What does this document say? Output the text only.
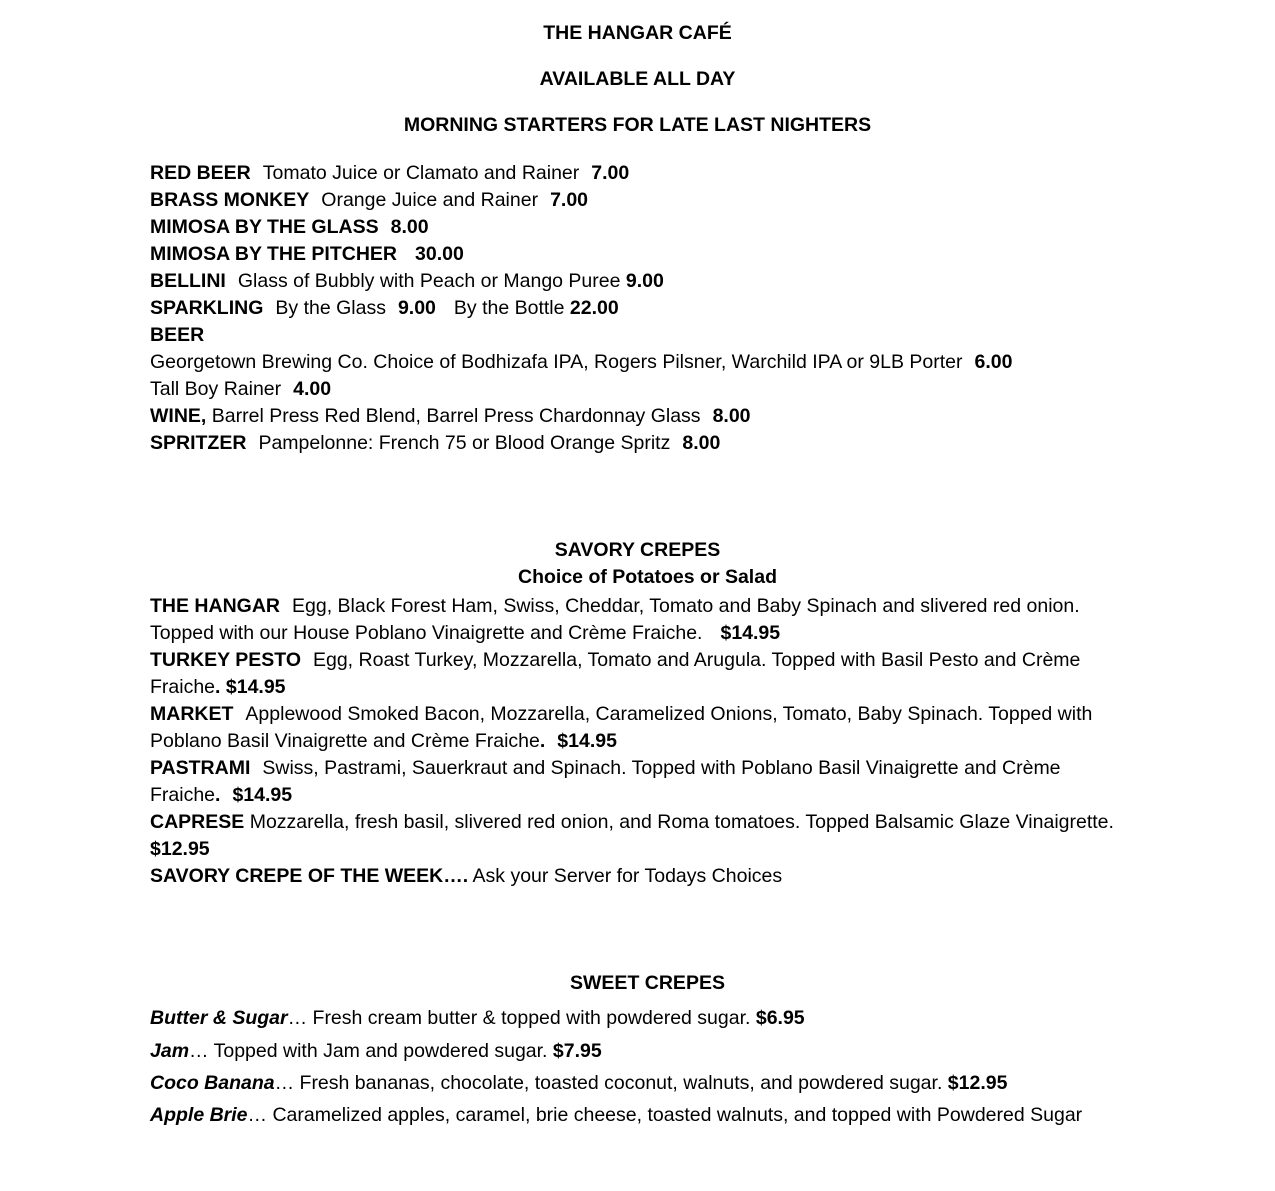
THE HANGAR CAFÉ
AVAILABLE ALL DAY
MORNING STARTERS FOR LATE LAST NIGHTERS
RED BEER Tomato Juice or Clamato and Rainer 7.00
BRASS MONKEY Orange Juice and Rainer 7.00
MIMOSA BY THE GLASS 8.00
MIMOSA BY THE PITCHER 30.00
BELLINI Glass of Bubbly with Peach or Mango Puree 9.00
SPARKLING By the Glass 9.00 By the Bottle 22.00
BEER
Georgetown Brewing Co. Choice of Bodhizafa IPA, Rogers Pilsner, Warchild IPA or 9LB Porter 6.00
Tall Boy Rainer 4.00
WINE, Barrel Press Red Blend, Barrel Press Chardonnay Glass 8.00
SPRITZER Pampelonne: French 75 or Blood Orange Spritz 8.00
SAVORY CREPES
Choice of Potatoes or Salad
THE HANGAR Egg, Black Forest Ham, Swiss, Cheddar, Tomato and Baby Spinach and slivered red onion. Topped with our House Poblano Vinaigrette and Crème Fraiche. $14.95
TURKEY PESTO Egg, Roast Turkey, Mozzarella, Tomato and Arugula. Topped with Basil Pesto and Crème Fraiche. $14.95
MARKET Applewood Smoked Bacon, Mozzarella, Caramelized Onions, Tomato, Baby Spinach. Topped with Poblano Basil Vinaigrette and Crème Fraiche. $14.95
PASTRAMI Swiss, Pastrami, Sauerkraut and Spinach. Topped with Poblano Basil Vinaigrette and Crème Fraiche. $14.95
CAPRESE Mozzarella, fresh basil, slivered red onion, and Roma tomatoes. Topped Balsamic Glaze Vinaigrette. $12.95
SAVORY CREPE OF THE WEEK…. Ask your Server for Todays Choices
SWEET CREPES
Butter & Sugar… Fresh cream butter & topped with powdered sugar. $6.95
Jam… Topped with Jam and powdered sugar. $7.95
Coco Banana… Fresh bananas, chocolate, toasted coconut, walnuts, and powdered sugar. $12.95
Apple Brie… Caramelized apples, caramel, brie cheese, toasted walnuts, and topped with Powdered Sugar
